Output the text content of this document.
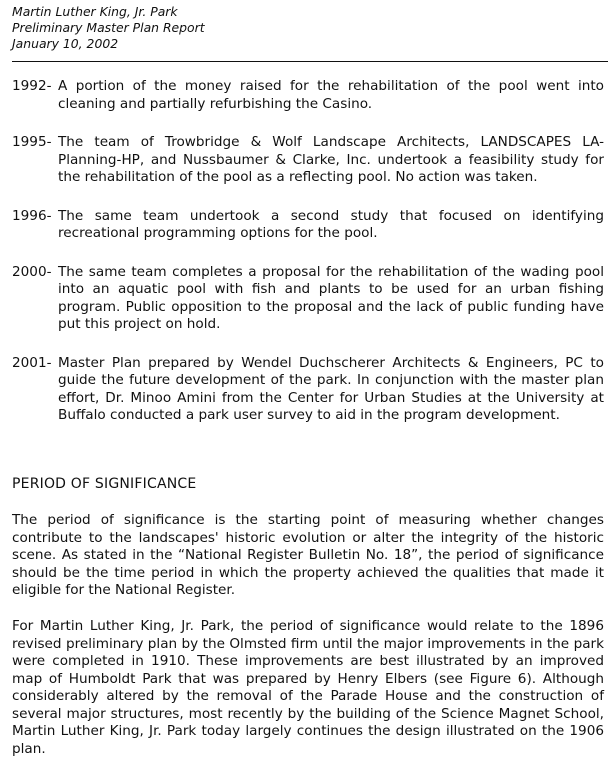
Martin Luther King, Jr. Park
Preliminary Master Plan Report
January 10, 2002
1992- A portion of the money raised for the rehabilitation of the pool went into cleaning and partially refurbishing the Casino.
1995- The team of Trowbridge & Wolf Landscape Architects, LANDSCAPES LA-Planning-HP, and Nussbaumer & Clarke, Inc. undertook a feasibility study for the rehabilitation of the pool as a reflecting pool. No action was taken.
1996- The same team undertook a second study that focused on identifying recreational programming options for the pool.
2000- The same team completes a proposal for the rehabilitation of the wading pool into an aquatic pool with fish and plants to be used for an urban fishing program. Public opposition to the proposal and the lack of public funding have put this project on hold.
2001- Master Plan prepared by Wendel Duchscherer Architects & Engineers, PC to guide the future development of the park. In conjunction with the master plan effort, Dr. Minoo Amini from the Center for Urban Studies at the University at Buffalo conducted a park user survey to aid in the program development.
PERIOD OF SIGNIFICANCE
The period of significance is the starting point of measuring whether changes contribute to the landscapes' historic evolution or alter the integrity of the historic scene. As stated in the “National Register Bulletin No. 18”, the period of significance should be the time period in which the property achieved the qualities that made it eligible for the National Register.
For Martin Luther King, Jr. Park, the period of significance would relate to the 1896 revised preliminary plan by the Olmsted firm until the major improvements in the park were completed in 1910. These improvements are best illustrated by an improved map of Humboldt Park that was prepared by Henry Elbers (see Figure 6). Although considerably altered by the removal of the Parade House and the construction of several major structures, most recently by the building of the Science Magnet School, Martin Luther King, Jr. Park today largely continues the design illustrated on the 1906 plan.
